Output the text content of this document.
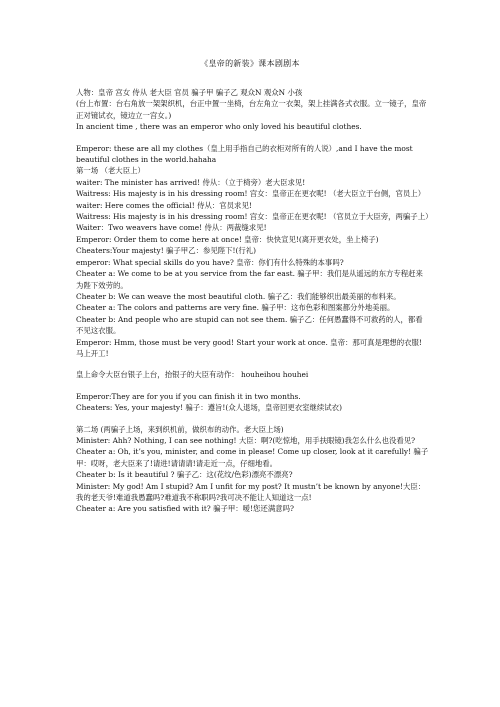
《皇帝的新装》课本剧剧本

人物：皇帝 宫女 侍从 老大臣 官员 骗子甲 骗子乙 观众N 观众N 小孩

(台上布置：台右角放一架架织机，台正中置一坐椅，台左角立一衣架，架上挂满各式衣服。立一镜子，皇帝正对镜试衣，镜边立一宫女。)

In ancient time , there was an emperor who only loved his beautiful clothes.

Emperor: these are all my clothes（皇上用手指自己的衣柜对所有的人说）,and I have the most beautiful clothes in the world.hahaha

第一场 （老大臣上）

waiter: The minister has arrived! 侍从：（立于椅旁）老大臣求见!

Waitress: His majesty is in his dressing room! 宫女：皇帝正在更衣呢! （老大臣立于台侧，官员上）

waiter: Here comes the official! 侍从：官员求见!

Waitress: His majesty is in his dressing room! 宫女：皇帝正在更衣呢! （官员立于大臣旁，两骗子上）

Waiter：Two weavers have come! 侍从：两裁缝求见!

Emperor: Order them to come here at once! 皇帝：快快宣见!(离开更衣处，坐上椅子)

Cheaters:Your majesty! 骗子甲乙：参见陛下!(行礼)

emperor: What special skills do you have? 皇帝：你们有什么特殊的本事吗?

Cheater a: We come to be at you service from the far east. 骗子甲：我们是从遥远的东方专程赶来为陛下效劳的。

Cheater b: We can weave the most beautiful cloth. 骗子乙：我们能够织出最美丽的布料来。

Cheater a: The colors and patterns are very fine. 骗子甲：这布色彩和图案都分外地美丽。

Cheater b: And people who are stupid can not see them. 骗子乙：任何愚蠢得不可救药的人，都看不见这衣服。

Emperor: Hmm, those must be very good! Start your work at once. 皇帝：那可真是理想的衣服!马上开工!

皇上命令大臣台银子上台，抬银子的大臣有动作： houheihou houhei

Emperor:They are for you if you can finish it in two months.

Cheaters: Yes, your majesty! 骗子：遵旨!(众人退场，皇帝回更衣室继续试衣)

第二场 (两骗子上场，来到织机前，做织布的动作。老大臣上场)

Minister: Ahh? Nothing, I can see nothing! 大臣：啊?(吃惊地，用手扶眼镜)我怎么什么也没看见?

Cheater a: Oh, it’s you, minister, and come in please! Come up closer, look at it carefully! 骗子甲：哎呀，老大臣来了!请进!请请请!请走近一点，仔细地看。

Cheater b: Is it beautiful ? 骗子乙：这(花纹/色彩)漂亮不漂亮?

Minister: My god! Am I stupid? Am I unfit for my post? It mustn’t be known by anyone!大臣：我的老天爷!难道我愚蠢吗?难道我不称职吗?我可决不能让人知道这一点!

Cheater a: Are you satisfied with it? 骗子甲：嗳!您还满意吗?
